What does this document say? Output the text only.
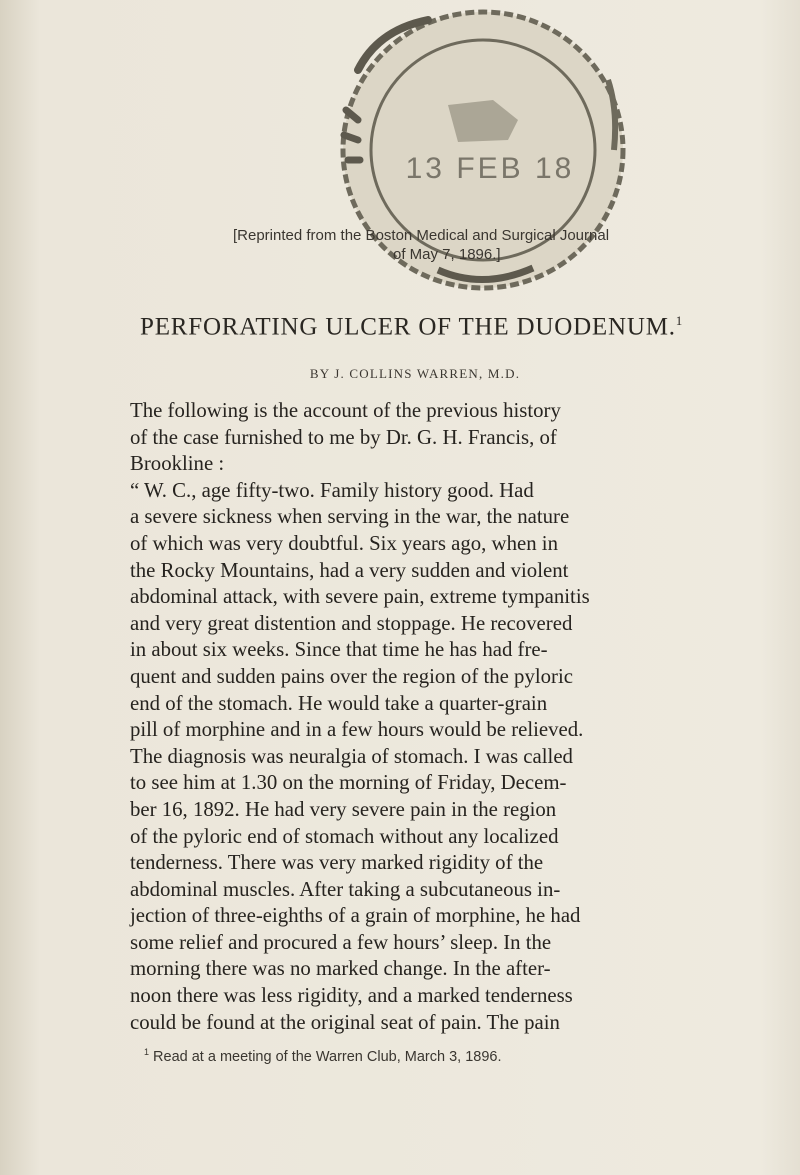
13 FEB 18
[Reprinted from the Boston Medical and Surgical Journal
of May 7, 1896.]
PERFORATING ULCER OF THE DUODENUM.$^1$
BY J. COLLINS WARREN, M.D.
The following is the account of the previous history
of the case furnished to me by Dr. G. H. Francis, of
Brookline :
“ W. C., age fifty-two. Family history good. Had
a severe sickness when serving in the war, the nature
of which was very doubtful. Six years ago, when in
the Rocky Mountains, had a very sudden and violent
abdominal attack, with severe pain, extreme tympanitis
and very great distention and stoppage. He recovered
in about six weeks. Since that time he has had fre-
quent and sudden pains over the region of the pyloric
end of the stomach. He would take a quarter-grain
pill of morphine and in a few hours would be relieved.
The diagnosis was neuralgia of stomach. I was called
to see him at 1.30 on the morning of Friday, Decem-
ber 16, 1892. He had very severe pain in the region
of the pyloric end of stomach without any localized
tenderness. There was very marked rigidity of the
abdominal muscles. After taking a subcutaneous in-
jection of three-eighths of a grain of morphine, he had
some relief and procured a few hours’ sleep. In the
morning there was no marked change. In the after-
noon there was less rigidity, and a marked tenderness
could be found at the original seat of pain. The pain
$^1$ Read at a meeting of the Warren Club, March 3, 1896.
